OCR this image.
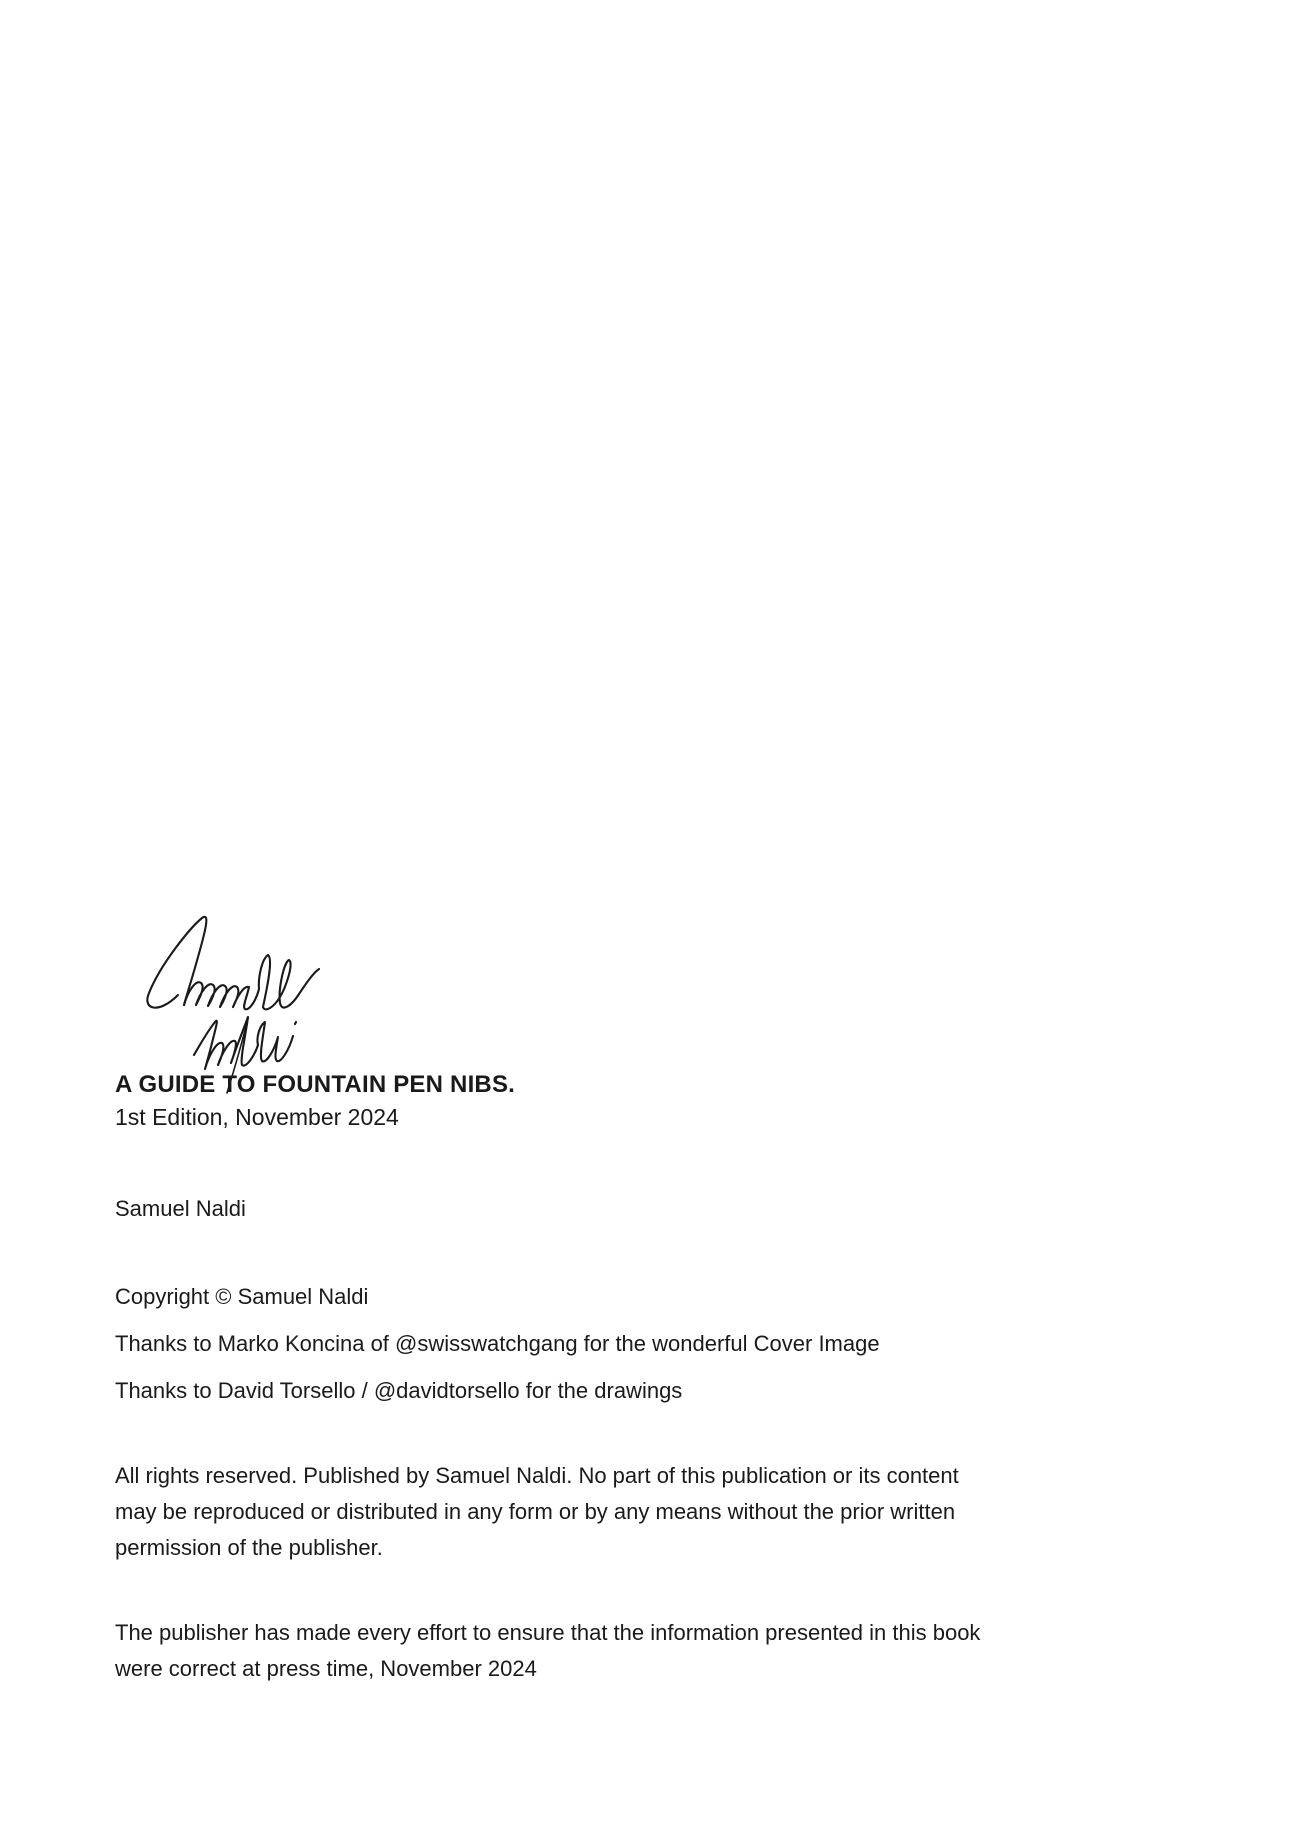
A GUIDE TO FOUNTAIN PEN NIBS.
1st Edition, November 2024
Samuel Naldi
Copyright © Samuel Naldi
Thanks to Marko Koncina of @swisswatchgang for the wonderful Cover Image
Thanks to David Torsello / @davidtorsello for the drawings
All rights reserved. Published by Samuel Naldi. No part of this publication or its content
may be reproduced or distributed in any form or by any means without the prior written
permission of the publisher.
The publisher has made every effort to ensure that the information presented in this book
were correct at press time, November 2024
